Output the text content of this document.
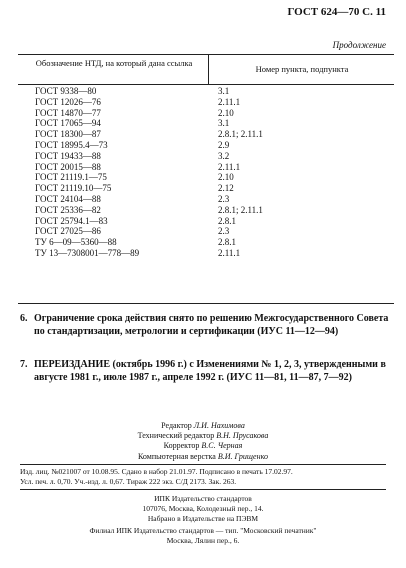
ГОСТ 624—70 С. 11
Продолжение
Обозначение НТД, на который дана ссылка
Номер пункта, подпункта
ГОСТ 9338—80
ГОСТ 12026—76
ГОСТ 14870—77
ГОСТ 17065—94
ГОСТ 18300—87
ГОСТ 18995.4—73
ГОСТ 19433—88
ГОСТ 20015—88
ГОСТ 21119.1—75
ГОСТ 21119.10—75
ГОСТ 24104—88
ГОСТ 25336—82
ГОСТ 25794.1—83
ГОСТ 27025—86
ТУ 6—09—5360—88
ТУ 13—7308001—778—89
3.1
2.11.1
2.10
3.1
2.8.1; 2.11.1
2.9
3.2
2.11.1
2.10
2.12
2.3
2.8.1; 2.11.1
2.8.1
2.3
2.8.1
2.11.1
6. Ограничение срока действия снято по решению Межгосударственного Совета по стандартизации, метрологии и сертификации (ИУС 11—12—94)
7. ПЕРЕИЗДАНИЕ (октябрь 1996 г.) с Изменениями № 1, 2, 3, утвержденными в августе 1981 г., июле 1987 г., апреле 1992 г. (ИУС 11—81, 11—87, 7—92)
Редактор Л.И. Нахимова
Технический редактор В.Н. Прусакова
Корректор В.С. Черная
Компьютерная верстка В.И. Грищенко
Изд. лиц. №021007 от 10.08.95. Сдано в набор 21.01.97. Подписано в печать 17.02.97.
Усл. печ. л. 0,70. Уч.-изд. л. 0,67. Тираж 222 экз. С/Д 2173. Зак. 263.
ИПК Издательство стандартов
107076, Москва, Колодезный пер., 14.
Набрано в Издательстве на ПЭВМ
Филиал ИПК Издательство стандартов — тип. "Московский печатник"
Москва, Лялин пер., 6.
